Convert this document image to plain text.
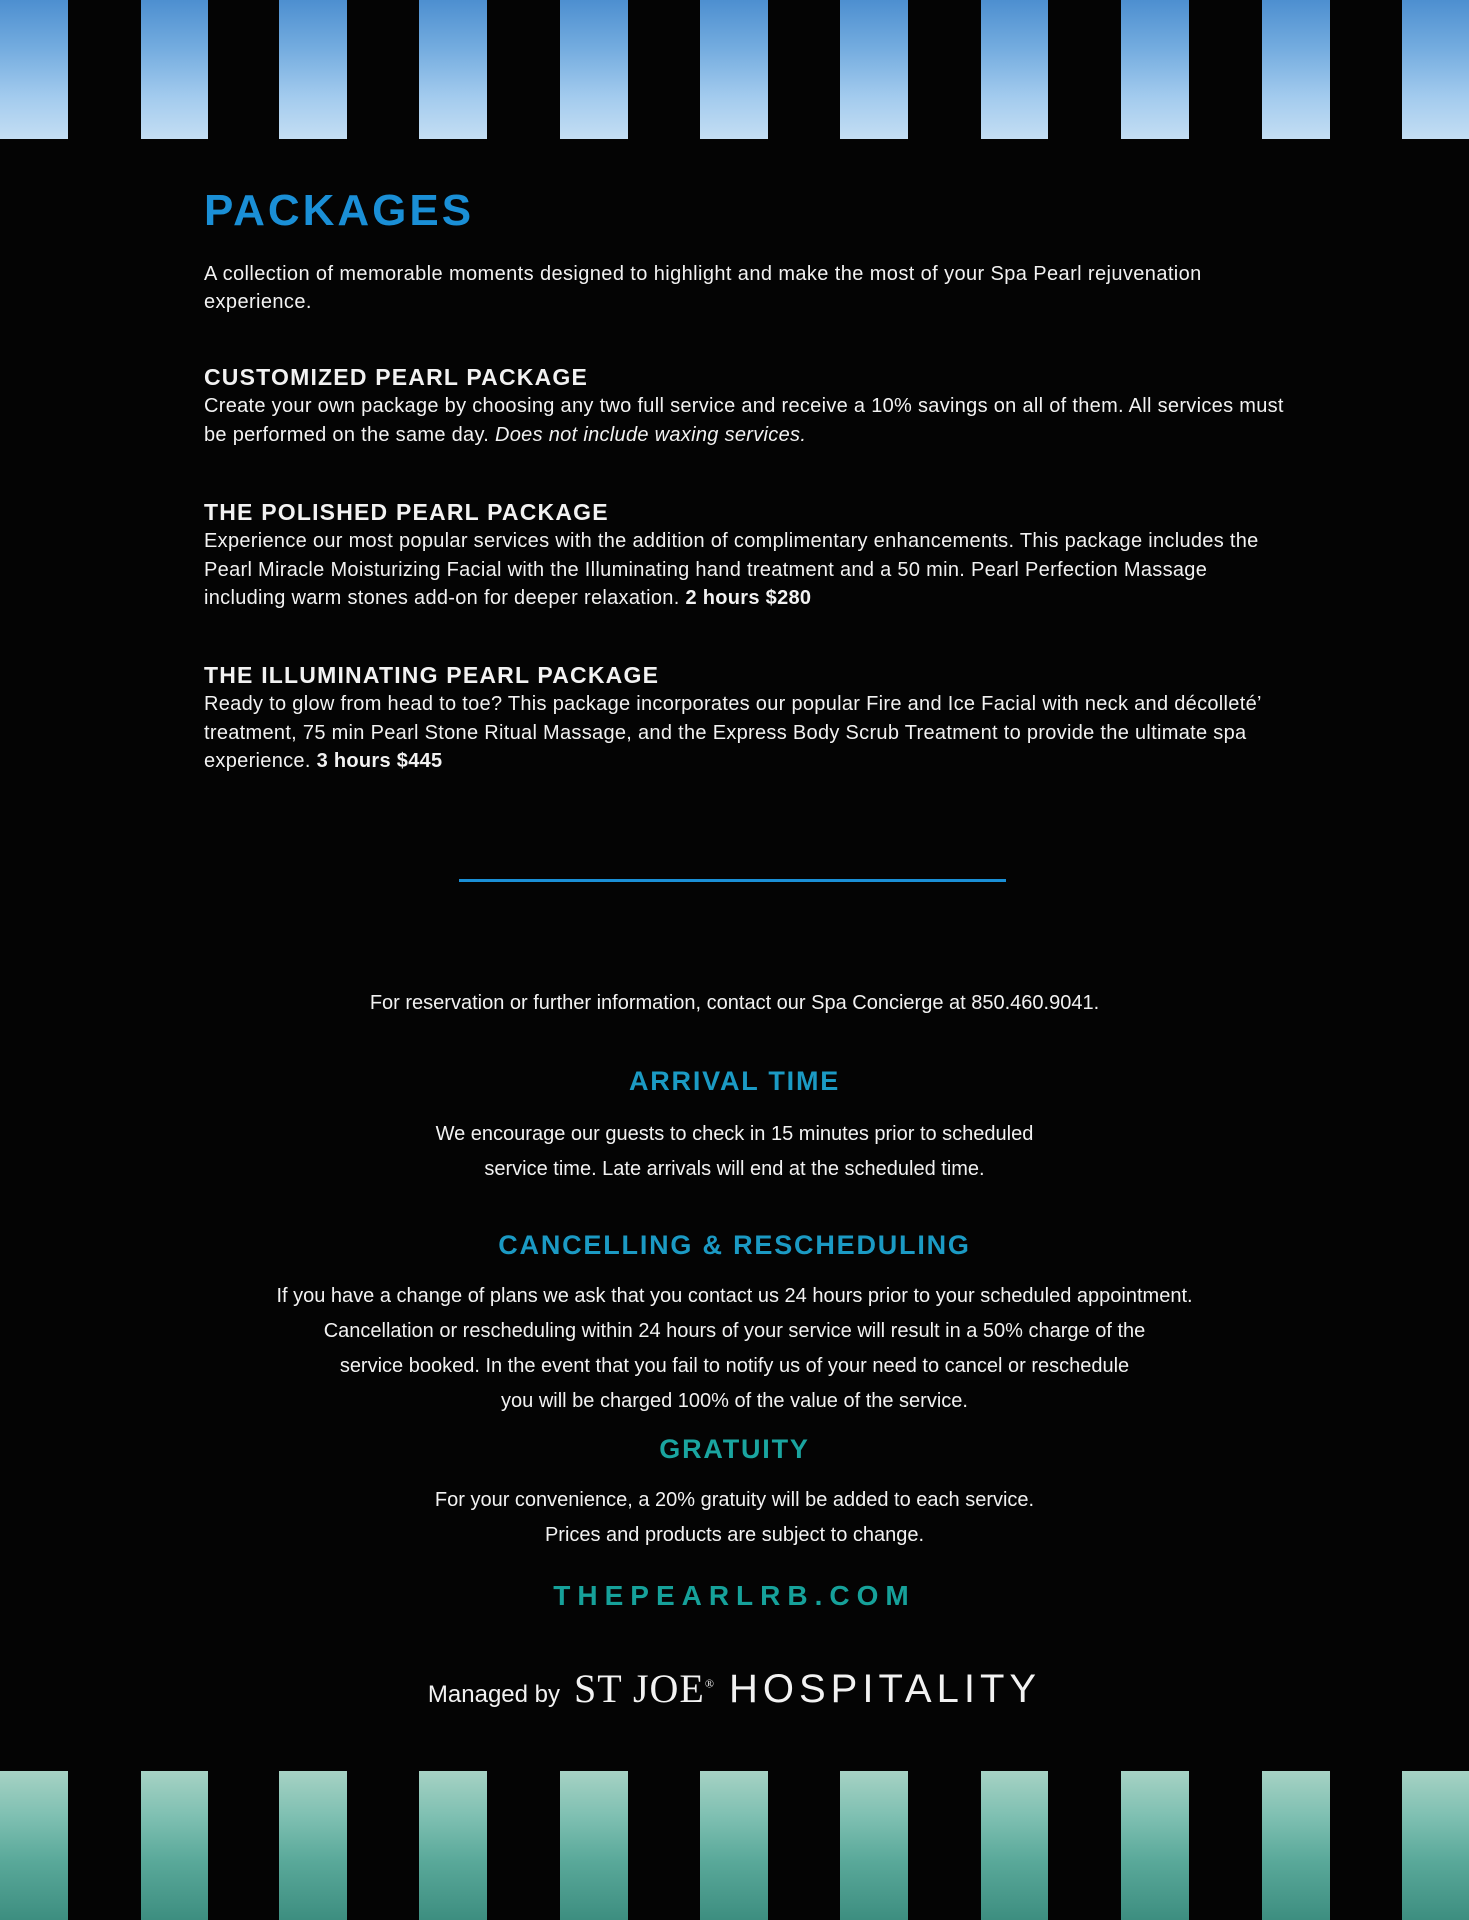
PACKAGES

A collection of memorable moments designed to highlight and make the most of your Spa Pearl rejuvenation experience.

CUSTOMIZED PEARL PACKAGE

Create your own package by choosing any two full service and receive a 10% savings on all of them. All services must be performed on the same day. Does not include waxing services.

THE POLISHED PEARL PACKAGE

Experience our most popular services with the addition of complimentary enhancements. This package includes the Pearl Miracle Moisturizing Facial with the Illuminating hand treatment and a 50 min. Pearl Perfection Massage including warm stones add-on for deeper relaxation. 2 hours $280

THE ILLUMINATING PEARL PACKAGE

Ready to glow from head to toe? This package incorporates our popular Fire and Ice Facial with neck and décolleté’ treatment, 75 min Pearl Stone Ritual Massage, and the Express Body Scrub Treatment to provide the ultimate spa experience. 3 hours $445

For reservation or further information, contact our Spa Concierge at 850.460.9041.
ARRIVAL TIME
We encourage our guests to check in 15 minutes prior to scheduled
service time. Late arrivals will end at the scheduled time.
CANCELLING & RESCHEDULING
If you have a change of plans we ask that you contact us 24 hours prior to your scheduled appointment.
Cancellation or rescheduling within 24 hours of your service will result in a 50% charge of the
service booked. In the event that you fail to notify us of your need to cancel or reschedule
you will be charged 100% of the value of the service.
GRATUITY
For your convenience, a 20% gratuity will be added to each service.
Prices and products are subject to change.
THEPEARLRB.COM
Managed by ST JOE® HOSPITALITY
